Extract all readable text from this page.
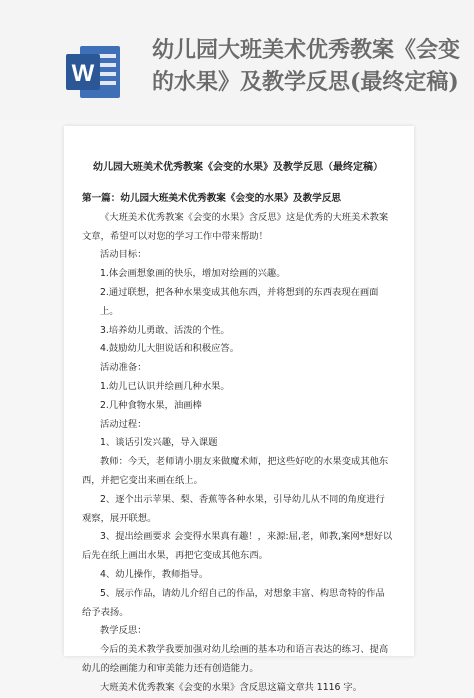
W
幼儿园大班美术优秀教案《会变的水果》及教学反思(最终定稿)
幼儿园大班美术优秀教案《会变的水果》及教学反思（最终定稿）
第一篇：幼儿园大班美术优秀教案《会变的水果》及教学反思
《大班美术优秀教案《会变的水果》含反思》这是优秀的大班美术教案文章，希望可以对您的学习工作中带来帮助！
活动目标：
1.体会画想象画的快乐，增加对绘画的兴趣。
2.通过联想，把各种水果变成其他东西，并将想到的东西表现在画面上。
3.培养幼儿勇敢、活泼的个性。
4.鼓励幼儿大胆说话和积极应答。
活动准备：
1.幼儿已认识并绘画几种水果。
2.几种食物水果，油画棒
活动过程：
1、谈话引发兴趣，导入课题
教师：今天，老师请小朋友来做魔术师，把这些好吃的水果变成其他东西，并把它变出来画在纸上。
2、逐个出示苹果、梨、香蕉等各种水果，引导幼儿从不同的角度进行观察，展开联想。
3、提出绘画要求 会变得水果真有趣！，来源:屈,老，师教,案网*想好以后先在纸上画出水果，再把它变成其他东西。
4、幼儿操作，教师指导。
5、展示作品，请幼儿介绍自己的作品，对想象丰富、构思奇特的作品给予表扬。
教学反思：
今后的美术教学我要加强对幼儿绘画的基本功和语言表达的练习、提高幼儿的绘画能力和审美能力还有创造能力。
大班美术优秀教案《会变的水果》含反思这篇文章共 1116 字。
